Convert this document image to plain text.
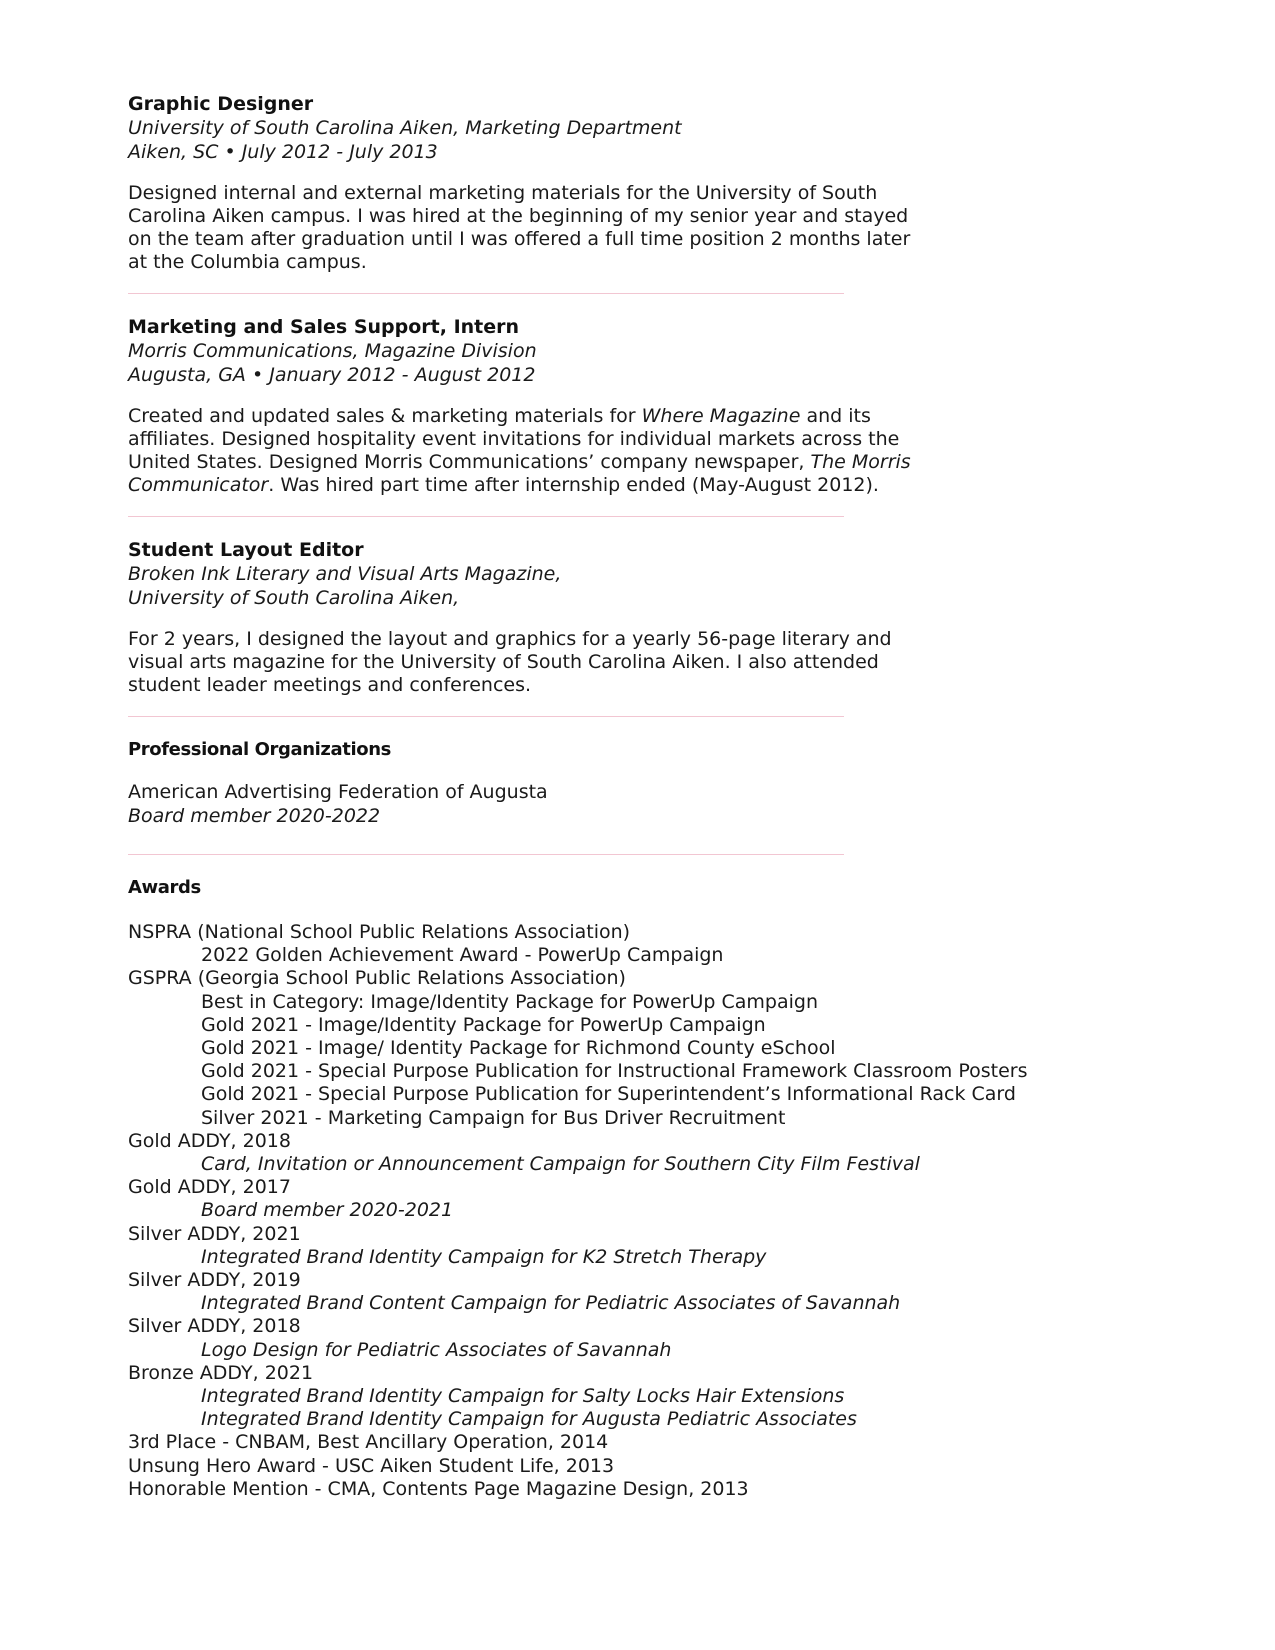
Graphic Designer

University of South Carolina Aiken, Marketing Department

Aiken, SC • July 2012 - July 2013

Designed internal and external marketing materials for the University of South Carolina Aiken campus. I was hired at the beginning of my senior year and stayed on the team after graduation until I was offered a full time position 2 months later at the Columbia campus.

Marketing and Sales Support, Intern

Morris Communications, Magazine Division

Augusta, GA • January 2012 - August 2012

Created and updated sales & marketing materials for Where Magazine and its affiliates. Designed hospitality event invitations for individual markets across the United States. Designed Morris Communications’ company newspaper, The Morris Communicator. Was hired part time after internship ended (May-August 2012).

Student Layout Editor

Broken Ink Literary and Visual Arts Magazine,

University of South Carolina Aiken,

For 2 years, I designed the layout and graphics for a yearly 56-page literary and visual arts magazine for the University of South Carolina Aiken. I also attended student leader meetings and conferences.

Professional Organizations

American Advertising Federation of Augusta
Board member 2020-2022

Awards

NSPRA (National School Public Relations Association)
2022 Golden Achievement Award - PowerUp Campaign
GSPRA (Georgia School Public Relations Association)
Best in Category: Image/Identity Package for PowerUp Campaign
Gold 2021 - Image/Identity Package for PowerUp Campaign
Gold 2021 - Image/ Identity Package for Richmond County eSchool
Gold 2021 - Special Purpose Publication for Instructional Framework Classroom Posters
Gold 2021 - Special Purpose Publication for Superintendent’s Informational Rack Card
Silver 2021 - Marketing Campaign for Bus Driver Recruitment
Gold ADDY, 2018
Card, Invitation or Announcement Campaign for Southern City Film Festival
Gold ADDY, 2017
Board member 2020-2021
Silver ADDY, 2021
Integrated Brand Identity Campaign for K2 Stretch Therapy
Silver ADDY, 2019
Integrated Brand Content Campaign for Pediatric Associates of Savannah
Silver ADDY, 2018
Logo Design for Pediatric Associates of Savannah
Bronze ADDY, 2021
Integrated Brand Identity Campaign for Salty Locks Hair Extensions
Integrated Brand Identity Campaign for Augusta Pediatric Associates
3rd Place - CNBAM, Best Ancillary Operation, 2014
Unsung Hero Award - USC Aiken Student Life, 2013
Honorable Mention - CMA, Contents Page Magazine Design, 2013
